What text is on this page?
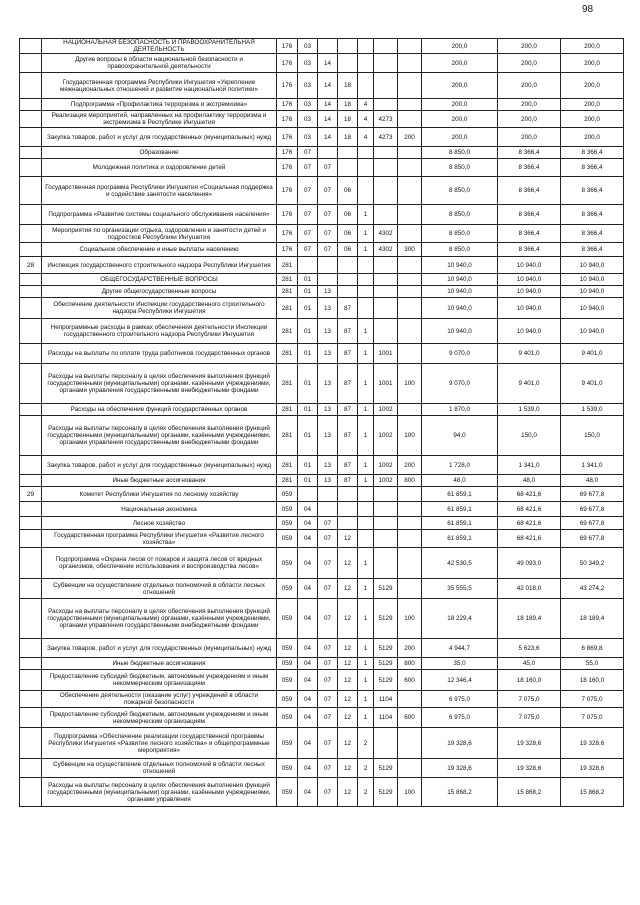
98
	НАЦИОНАЛЬНАЯ БЕЗОПАСНОСТЬ И ПРАВООХРАНИТЕЛЬНАЯ ДЕЯТЕЛЬНОСТЬ	176	03						200,0	200,0	200,0
	Другие вопросы в области национальной безопасности и правоохранительной деятельности	176	03	14					200,0	200,0	200,0
	Государственная программа Республики Ингушетия «Укрепление межнациональных отношений и развитие национальной политики»	176	03	14	18				200,0	200,0	200,0
	Подпрограмма «Профилактика терроризма и экстремизма»	176	03	14	18	4			200,0	200,0	200,0
	Реализация мероприятий, направленных на профилактику терроризма и экстремизма в Республике Ингушетия	176	03	14	18	4	4273		200,0	200,0	200,0
	Закупка товаров, работ и услуг для государственных (муниципальных) нужд	176	03	14	18	4	4273	200	200,0	200,0	200,0
	Образование	176	07						8 850,0	8 366,4	8 366,4
	Молодежная политика и оздоровление детей	176	07	07					8 850,0	8 366,4	8 366,4
	Государственная программа Республики Ингушетия «Социальная поддержка и содействие занятости населения»	176	07	07	06				8 850,0	8 366,4	8 366,4
	Подпрограмма «Развитие системы социального обслуживания населения»	176	07	07	06	1			8 850,0	8 366,4	8 366,4
	Мероприятия по организации отдыха, оздоровления и занятости детей и подростков Республики Ингушетия	176	07	07	06	1	4302		8 850,0	8 366,4	8 366,4
	Социальное обеспечение и иные выплаты населению	176	07	07	06	1	4302	300	8 850,0	8 366,4	8 366,4
28	Инспекция государственного строительного надзора Республики Ингушетия	281							10 940,0	10 940,0	10 940,0
	ОБЩЕГОСУДАРСТВЕННЫЕ ВОПРОСЫ	281	01						10 940,0	10 940,0	10 940,0
	Другие общегосударственные вопросы	281	01	13					10 940,0	10 940,0	10 940,0
	Обеспечение деятельности Инспекции государственного строительного надзора Республики Ингушетия	281	01	13	87				10 940,0	10 940,0	10 940,0
	Непрограммные расходы в рамках обеспечения деятельности Инспекции государственного строительного надзора Республики Ингушетия	281	01	13	87	1			10 940,0	10 940,0	10 940,0
	Расходы на выплаты по оплате труда работников государственных органов	281	01	13	87	1	1001		9 070,0	9 401,0	9 401,0
	Расходы на выплаты персоналу в целях обеспечения выполнения функций государственными (муниципальными) органами, казёнными учреждениями, органами управления государственными внебюджетными фондами	281	01	13	87	1	1001	100	9 070,0	9 401,0	9 401,0
	Расходы на обеспечение функций государственных органов	281	01	13	87	1	1002		1 870,0	1 539,0	1 539,0
	Расходы на выплаты персоналу в целях обеспечения выполнения функций государственными (муниципальными) органами, казёнными учреждениями, органами управления государственными внебюджетными фондами	281	01	13	87	1	1002	100	94,0	150,0	150,0
	Закупка товаров, работ и услуг для государственных (муниципальных) нужд	281	01	13	87	1	1002	200	1 728,0	1 341,0	1 341,0
	Иные бюджетные ассигнования	281	01	13	87	1	1002	800	48,0	48,0	48,0
29	Комитет Республики Ингушетия по лесному хозяйству	059							61 859,1	68 421,6	69 677,8
	Национальная экономика	059	04						61 859,1	68 421,6	69 677,8
	Лесное хозяйство	059	04	07					61 859,1	68 421,6	69 677,8
	Государственная программа Республики Ингушетия «Развитие лесного хозяйства»	059	04	07	12				61 859,1	68 421,6	69 677,8
	Подпрограмма «Охрана лесов от пожаров и защита лесов от вредных организмов, обеспечение использования и воспроизводства лесов»	059	04	07	12	1			42 530,5	49 093,0	50 349,2
	Субвенции на осуществление отдельных полномочий в области лесных отношений	059	04	07	12	1	5129		35 555,5	42 018,0	43 274,2
	Расходы на выплаты персоналу в целях обеспечения выполнения функций государственными (муниципальными) органами, казёнными учреждениями, органами управления государственными внебюджетными фондами	059	04	07	12	1	5129	100	18 229,4	18 189,4	18 189,4
	Закупка товаров, работ и услуг для государственных (муниципальных) нужд	059	04	07	12	1	5129	200	4 944,7	5 623,6	6 869,8
	Иные бюджетные ассигнования	059	04	07	12	1	5129	800	35,0	45,0	55,0
	Предоставление субсидий бюджетным, автономным учреждениям и иным некоммерческим организациям	059	04	07	12	1	5129	600	12 346,4	18 160,0	18 160,0
	Обеспечение деятельности (оказание услуг) учреждений в области пожарной безопасности	059	04	07	12	1	1104		6 975,0	7 075,0	7 075,0
	Предоставление субсидий бюджетным, автономным учреждениям и иным некоммерческим организациям	059	04	07	12	1	1104	600	6 975,0	7 075,0	7 075,0
	Подпрограмма «Обеспечение реализации государственной программы Республики Ингушетия «Развитие лесного хозяйства» и общепрограммные мероприятия»	059	04	07	12	2			19 328,6	19 328,6	19 328,6
	Субвенции на осуществление отдельных полномочий в области лесных отношений	059	04	07	12	2	5129		19 328,6	19 328,6	19 328,6
	Расходы на выплаты персоналу в целях обеспечения выполнения функций государственными (муниципальными) органами, казёнными учреждениями, органами управления	059	04	07	12	2	5129	100	15 868,2	15 868,2	15 868,2
